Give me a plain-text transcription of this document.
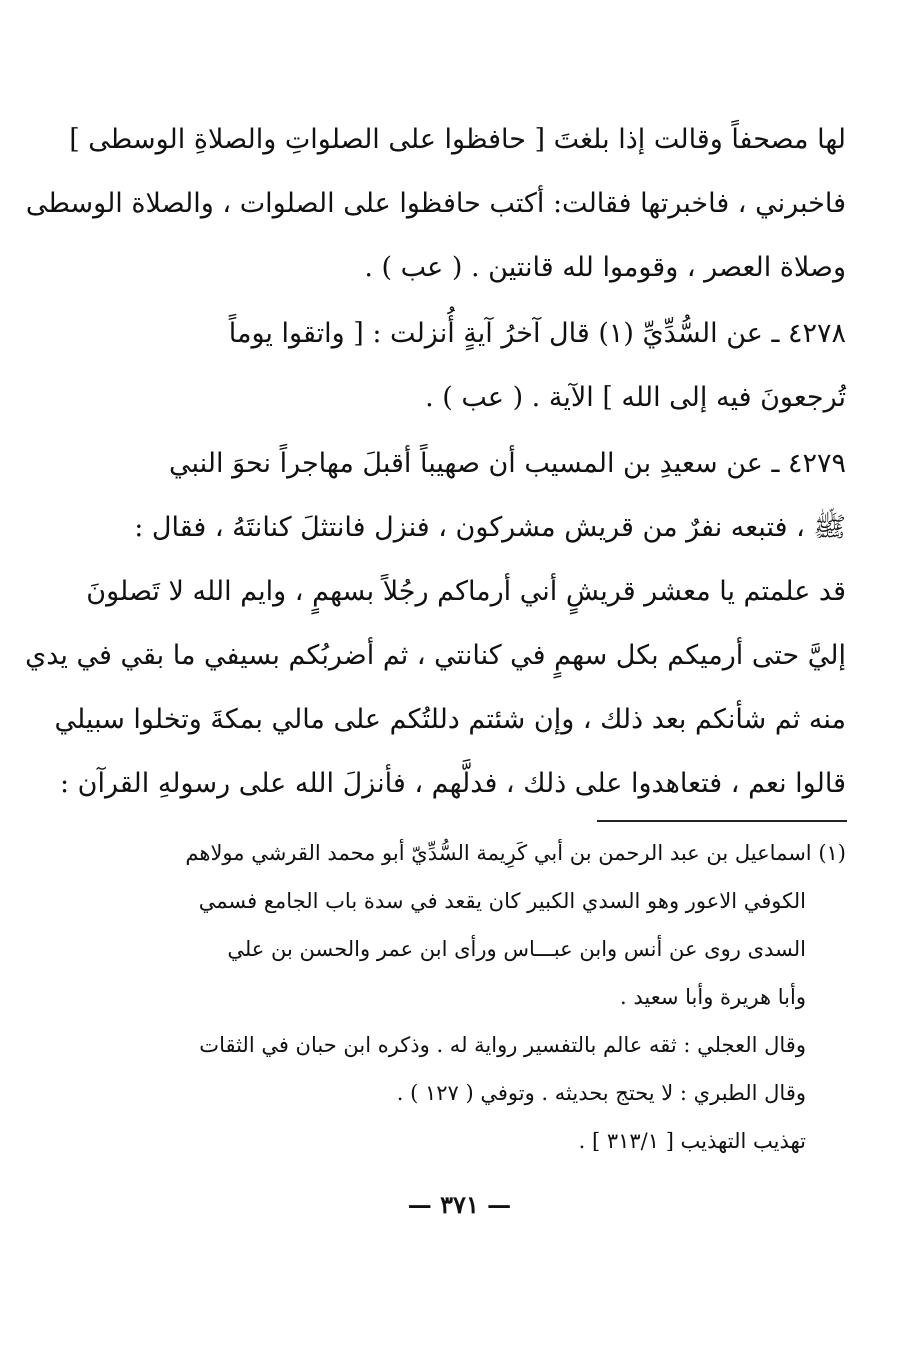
لها مصحفاً وقالت إذا بلغتَ [ حافظوا على الصلواتِ والصلاةِ الوسطى ]
فاخبرني ، فاخبرتها فقالت: أكتب حافظوا على الصلوات ، والصلاة الوسطى
وصلاة العصر ، وقوموا لله قانتين . ( عب ) .
٤٢٧٨ ـ عن السُّدِّيِّ (١) قال آخرُ آيةٍ أُنزلت : [ واتقوا يوماً
تُرجعونَ فيه إلى الله ] الآية . ( عب ) .
٤٢٧٩ ـ عن سعيدِ بن المسيب أن صهيباً أقبلَ مهاجراً نحوَ النبي
ﷺ ، فتبعه نفرٌ من قريش مشركون ، فنزل فانتثلَ كنانتَهُ ، فقال :
قد علمتم يا معشر قريشٍ أني أرماكم رجُلاً بسهمٍ ، وايم الله لا تَصلونَ
إليَّ حتى أرميكم بكل سهمٍ في كنانتي ، ثم أضربُكم بسيفي ما بقي في يدي
منه ثم شأنكم بعد ذلك ، وإن شئتم دللتُكم على مالي بمكةَ وتخلوا سبيلي
قالوا نعم ، فتعاهدوا على ذلك ، فدلَّهم ، فأنزلَ الله على رسولهِ القرآن :
(١) اسماعيل بن عبد الرحمن بن أبي كَرِيمة السُّدِّيّ أبو محمد القرشي مولاهم
الكوفي الاعور وهو السدي الكبير كان يقعد في سدة باب الجامع فسمي
السدى روى عن أنس وابن عبـــاس ورأى ابن عمر والحسن بن علي
وأبا هريرة وأبا سعيد .
وقال العجلي : ثقه عالم بالتفسير رواية له . وذكره ابن حبان في الثقات
وقال الطبري : لا يحتج بحديثه . وتوفي ( ١٢٧ ) .
تهذيب التهذيب [ ٣١٣/١ ] .
— ٣٧١ —
